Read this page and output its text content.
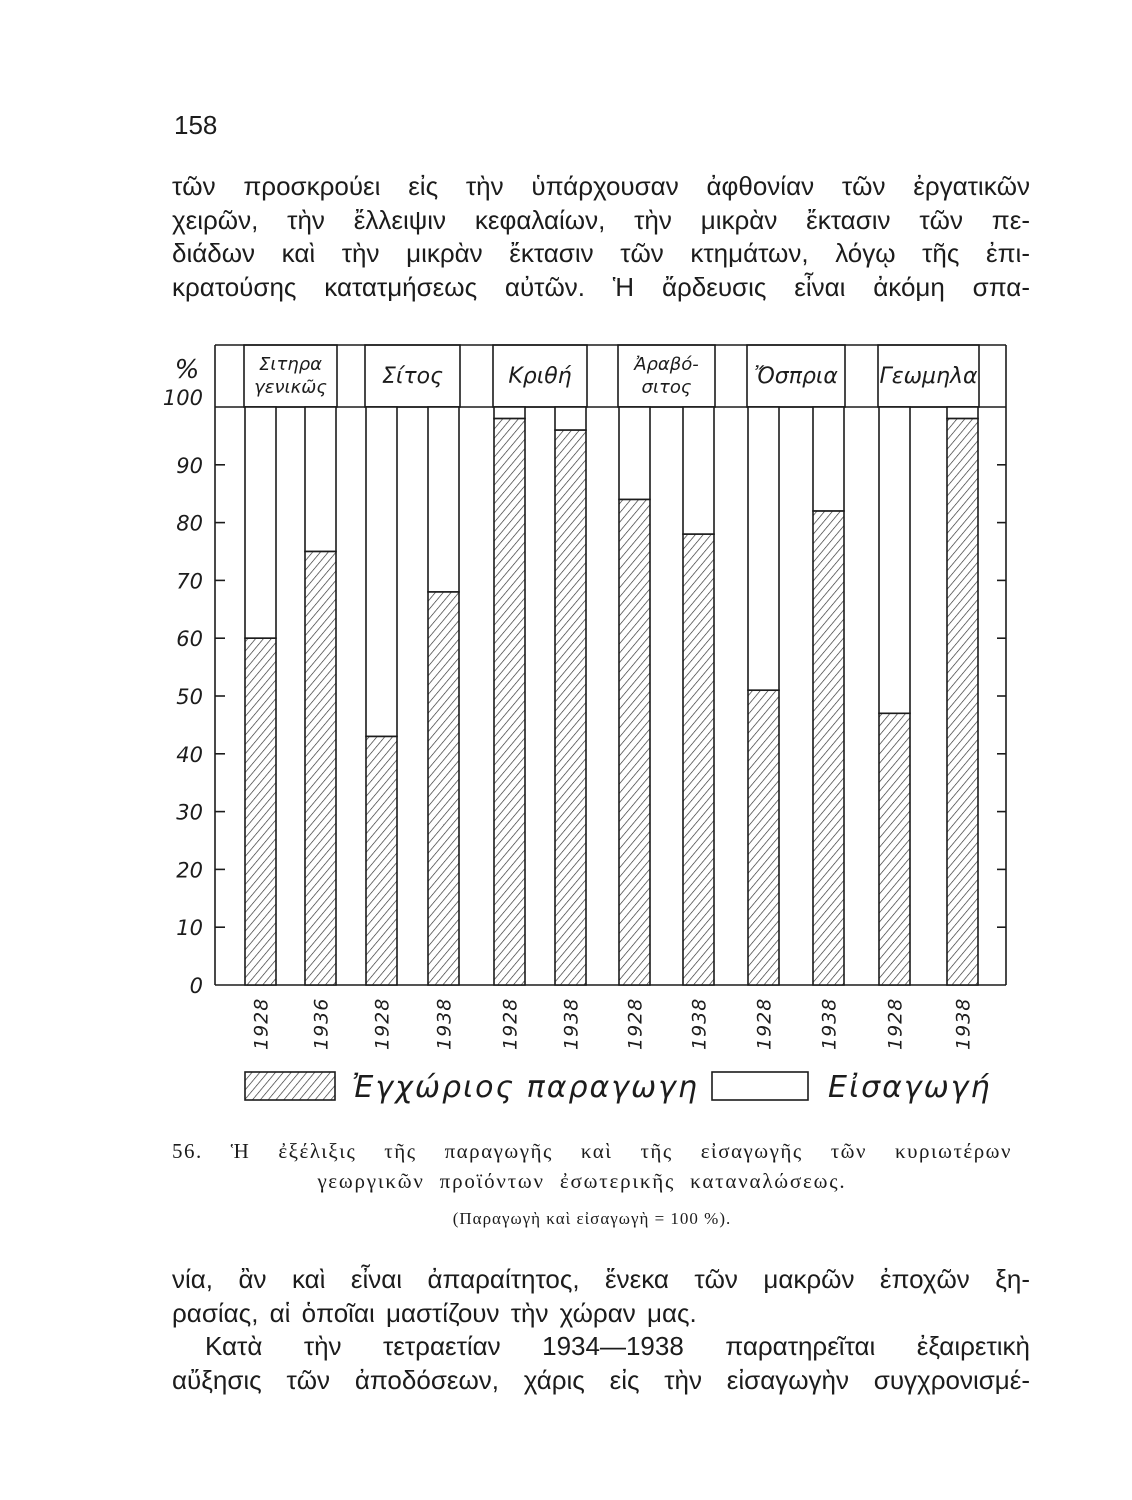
158
τῶν προσκρούει εἰς τὴν ὑπάρχουσαν ἀφθονίαν τῶν ἐργατικῶν
χειρῶν, τὴν ἔλλειψιν κεφαλαίων, τὴν μικρὰν ἔκτασιν τῶν πε-
διάδων καὶ τὴν μικρὰν ἔκτασιν τῶν κτημάτων, λόγῳ τῆς ἐπι-
κρατούσης κατατμήσεως αὐτῶν. Ἡ ἄρδευσις εἶναι ἀκόμη σπα-
100
90
80
70
60
50
40
30
20
10
0
%	Σιτηρα
γενικῶς	Σίτος	Κριθή	Ἀραβό-
σιτος	Ὄσπρια Γεωμηλα
1928 1936 1928 1938 1928 1938 1928 1938 1928 1938 1928 1938
Ἐγχώριος παραγωγη	Εἰσαγωγή
56. Ἡ ἐξέλιξις τῆς παραγωγῆς καὶ τῆς εἰσαγωγῆς τῶν κυριωτέρων
γεωργικῶν προϊόντων ἐσωτερικῆς καταναλώσεως.
(Παραγωγὴ καὶ εἰσαγωγὴ = 100 %).
νία, ἂν καὶ εἶναι ἀπαραίτητος, ἕνεκα τῶν μακρῶν ἐποχῶν ξη-
ρασίας, αἱ ὁποῖαι μαστίζουν τὴν χώραν μας.
Κατὰ τὴν τετραετίαν 1934—1938 παρατηρεῖται ἐξαιρετικὴ
αὔξησις τῶν ἀποδόσεων, χάρις εἰς τὴν εἰσαγωγὴν συγχρονισμέ-
